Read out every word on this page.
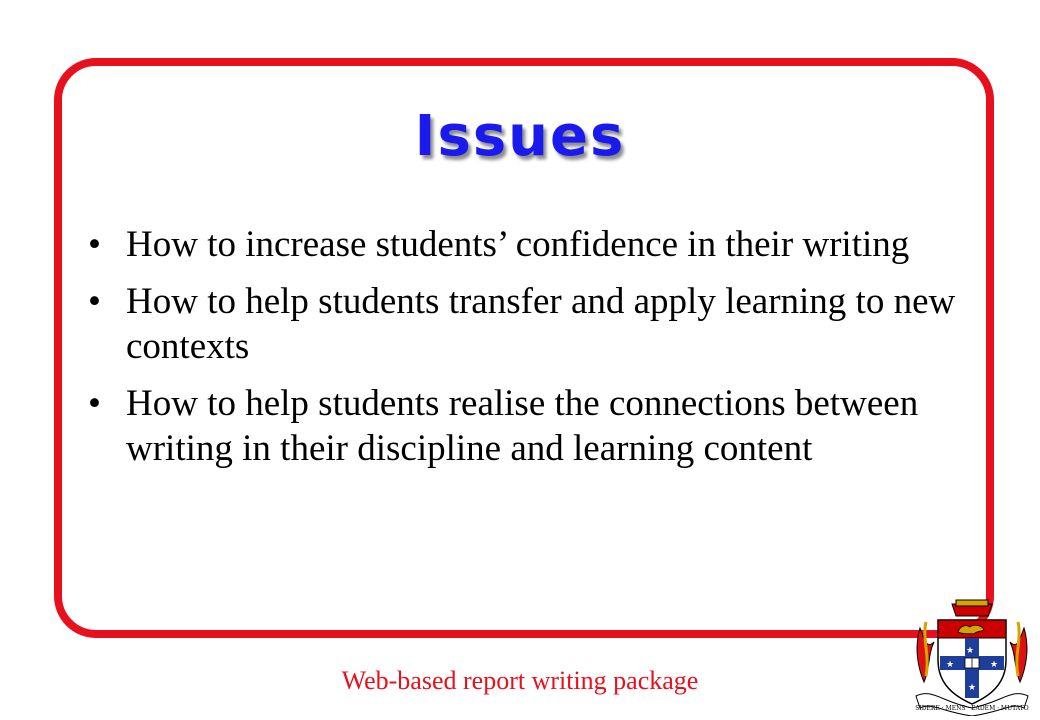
Issues
• How to increase students’ confidence in their writing
• How to help students transfer and apply learning to new contexts
• How to help students realise the connections between writing in their discipline and learning content
Web-based report writing package
★
★	★
★
SIDERE · MENS · EADEM · MUTATO
